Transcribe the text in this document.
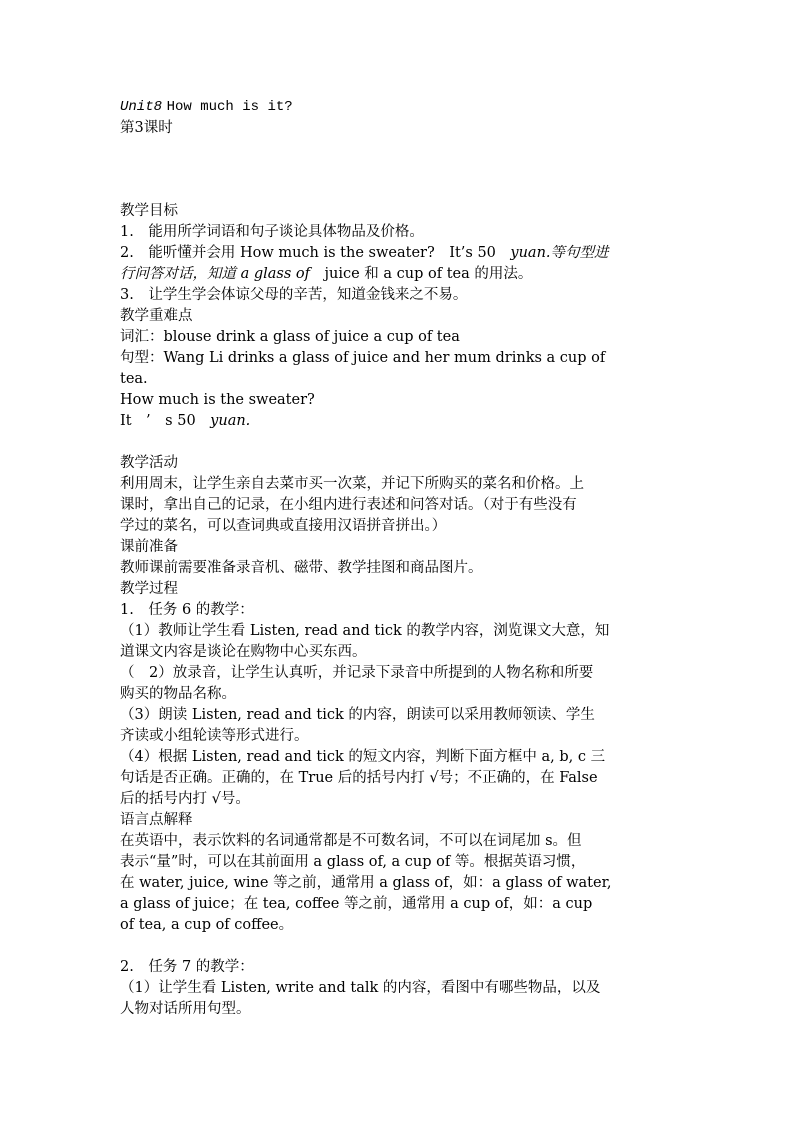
Unit8 How much is it?
第3课时
教学目标
1.　能用所学词语和句子谈论具体物品及价格。
2.　能听懂并会用 How much is the sweater?　It’s 50　yuan.等句型进
行问答对话，知道 a glass of　juice 和 a cup of tea 的用法。
3.　让学生学会体谅父母的辛苦，知道金钱来之不易。
教学重难点
词汇：blouse drink a glass of juice a cup of tea
句型：Wang Li drinks a glass of juice and her mum drinks a cup of
tea.
How much is the sweater?
It　’　s 50　yuan.
教学活动
利用周末，让学生亲自去菜市买一次菜，并记下所购买的菜名和价格。上
课时，拿出自己的记录，在小组内进行表述和问答对话。（对于有些没有
学过的菜名，可以查词典或直接用汉语拼音拼出。）
课前准备
教师课前需要准备录音机、磁带、教学挂图和商品图片。
教学过程
1.　任务 6 的教学：
（1）教师让学生看 Listen, read and tick 的教学内容，浏览课文大意，知
道课文内容是谈论在购物中心买东西。
（　2）放录音，让学生认真听，并记录下录音中所提到的人物名称和所要
购买的物品名称。
（3）朗读 Listen, read and tick 的内容，朗读可以采用教师领读、学生
齐读或小组轮读等形式进行。
（4）根据 Listen, read and tick 的短文内容，判断下面方框中 a, b, c 三
句话是否正确。正确的，在 True 后的括号内打 √号；不正确的，在 False
后的括号内打 √号。
语言点解释
在英语中，表示饮料的名词通常都是不可数名词，不可以在词尾加 s。但
表示“量”时，可以在其前面用 a glass of, a cup of 等。根据英语习惯，
在 water, juice, wine 等之前，通常用 a glass of，如：a glass of water,
a glass of juice；在 tea, coffee 等之前，通常用 a cup of，如：a cup
of tea, a cup of coffee。
2.　任务 7 的教学：
（1）让学生看 Listen, write and talk 的内容，看图中有哪些物品，以及
人物对话所用句型。
